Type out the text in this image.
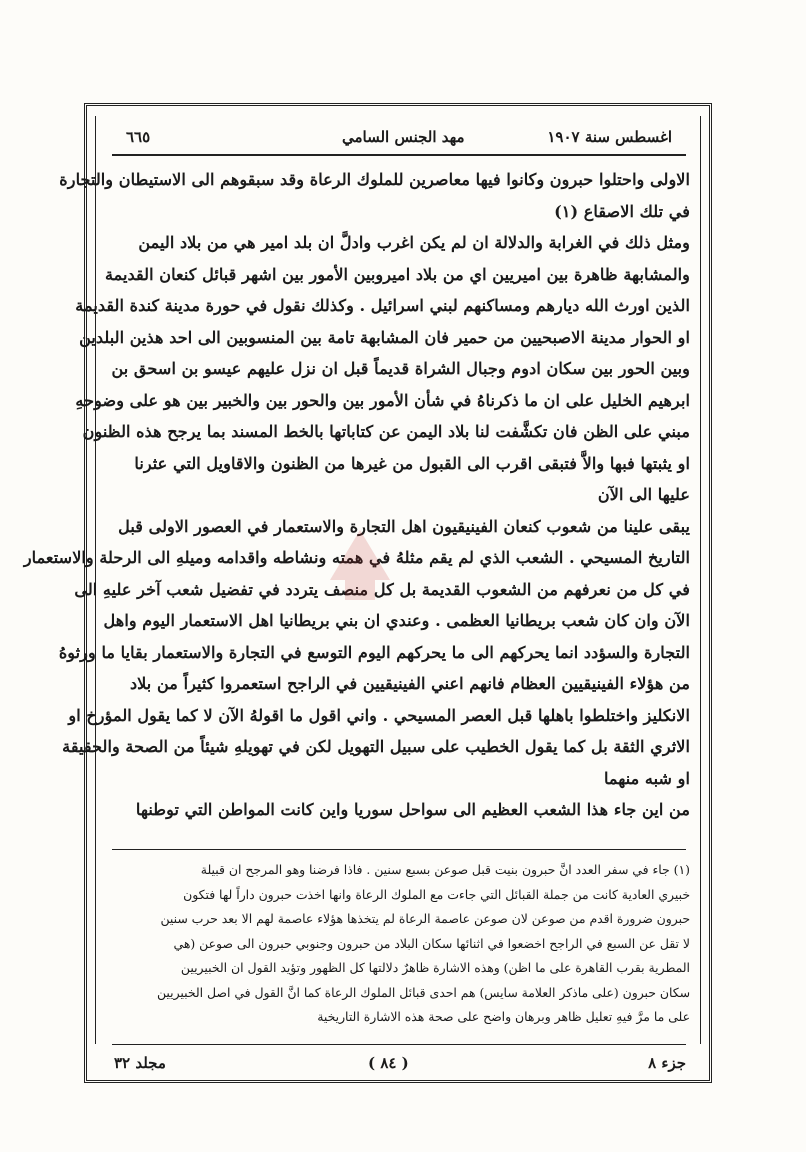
اغسطس سنة ١٩٠٧
مهد الجنس السامي
٦٦٥
الاولى واحتلوا حبرون وكانوا فيها معاصرين للملوك الرعاة وقد سبقوهم الى الاستيطان والتجارة
في تلك الاصقاع (١)
ومثل ذلك في الغرابة والدلالة ان لم يكن اغرب وادلَّ ان بلد امير هي من بلاد اليمن
والمشابهة ظاهرة بين اميريين اي من بلاد اميروبين الأمور بين اشهر قبائل كنعان القديمة
الذين اورث الله ديارهم ومساكنهم لبني اسرائيل . وكذلك نقول في حورة مدينة كندة القديمة
او الحوار مدينة الاصبحيين من حمير فان المشابهة تامة بين المنسوبين الى احد هذين البلدين
وبين الحور بين سكان ادوم وجبال الشراة قديماً قبل ان نزل عليهم عيسو بن اسحق بن
ابرهيم الخليل على ان ما ذكرناهُ في شأن الأمور بين والحور بين والخبير بين هو على وضوحهِ
مبني على الظن فان تكشَّفت لنا بلاد اليمن عن كتاباتها بالخط المسند بما يرجح هذه الظنون
او يثبتها فبها والاَّ فتبقى اقرب الى القبول من غيرها من الظنون والاقاويل التي عثرنا
عليها الى الآن
يبقى علينا من شعوب كنعان الفينيقيون اهل التجارة والاستعمار في العصور الاولى قبل
التاريخ المسيحي . الشعب الذي لم يقم مثلهُ في همته ونشاطه واقدامه وميلهِ الى الرحلة والاستعمار
في كل من نعرفهم من الشعوب القديمة بل كل منصف يتردد في تفضيل شعب آخر عليهِ الى
الآن وان كان شعب بريطانيا العظمى . وعندي ان بني بريطانيا اهل الاستعمار اليوم واهل
التجارة والسؤدد انما يحركهم الى ما يحركهم اليوم التوسع في التجارة والاستعمار بقايا ما ورثوهُ
من هؤلاء الفينيقيين العظام فانهم اعني الفينيقيين في الراجح استعمروا كثيراً من بلاد
الانكليز واختلطوا باهلها قبل العصر المسيحي . واني اقول ما اقولهُ الآن لا كما يقول المؤرخ او
الاثري الثقة بل كما يقول الخطيب على سبيل التهويل لكن في تهويلهِ شيئاً من الصحة والحقيقة
او شبه منهما
من اين جاء هذا الشعب العظيم الى سواحل سوريا واين كانت المواطن التي توطنها
(١) جاء في سفر العدد انَّ حبرون بنيت قبل صوعن بسبع سنين . فاذا فرضنا وهو المرجح ان قبيلة
خبيري العادية كانت من جملة القبائل التي جاءت مع الملوك الرعاة وانها اخذت حبرون داراً لها فتكون
حبرون ضرورة اقدم من صوعن لان صوعن عاصمة الرعاة لم يتخذها هؤلاء عاصمة لهم الا بعد حرب سنين
لا تقل عن السبع في الراجح اخضعوا في اثنائها سكان البلاد من حبرون وجنوبي حبرون الى صوعن (هي
المطرية بقرب القاهرة على ما اظن) وهذه الاشارة ظاهرٌ دلالتها كل الظهور وتؤيد القول ان الخبيريين
سكان حبرون (على ماذكر العلامة سايس) هم احدى قبائل الملوك الرعاة كما انَّ القول في اصل الخبيريين
على ما مرَّ فيهِ تعليل ظاهر وبرهان واضح على صحة هذه الاشارة التاريخية
جزء ٨
( ٨٤ )
مجلد ٣٢
